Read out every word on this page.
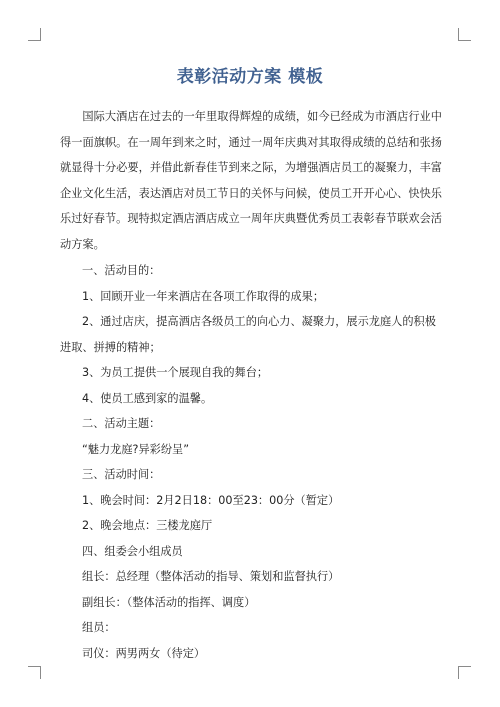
表彰活动方案 模板

国际大酒店在过去的一年里取得辉煌的成绩，如今已经成为市酒店行业中得一面旗帜。在一周年到来之时，通过一周年庆典对其取得成绩的总结和张扬就显得十分必要，并借此新春佳节到来之际，为增强酒店员工的凝聚力，丰富企业文化生活，表达酒店对员工节日的关怀与问候，使员工开开心心、快快乐乐过好春节。现特拟定酒店酒店成立一周年庆典暨优秀员工表彰春节联欢会活动方案。

一、活动目的：

1、回顾开业一年来酒店在各项工作取得的成果；

2、通过店庆，提高酒店各级员工的向心力、凝聚力，展示龙庭人的积极进取、拼搏的精神；

3、为员工提供一个展现自我的舞台；

4、使员工感到家的温馨。

二、活动主题：

“魅力龙庭?异彩纷呈”

三、活动时间：

1、晚会时间：2月2日18：00至23：00分（暂定）

2、晚会地点：三楼龙庭厅

四、组委会小组成员

组长：总经理（整体活动的指导、策划和监督执行）

副组长：（整体活动的指挥、调度）

组员：

司仪：两男两女（待定）
